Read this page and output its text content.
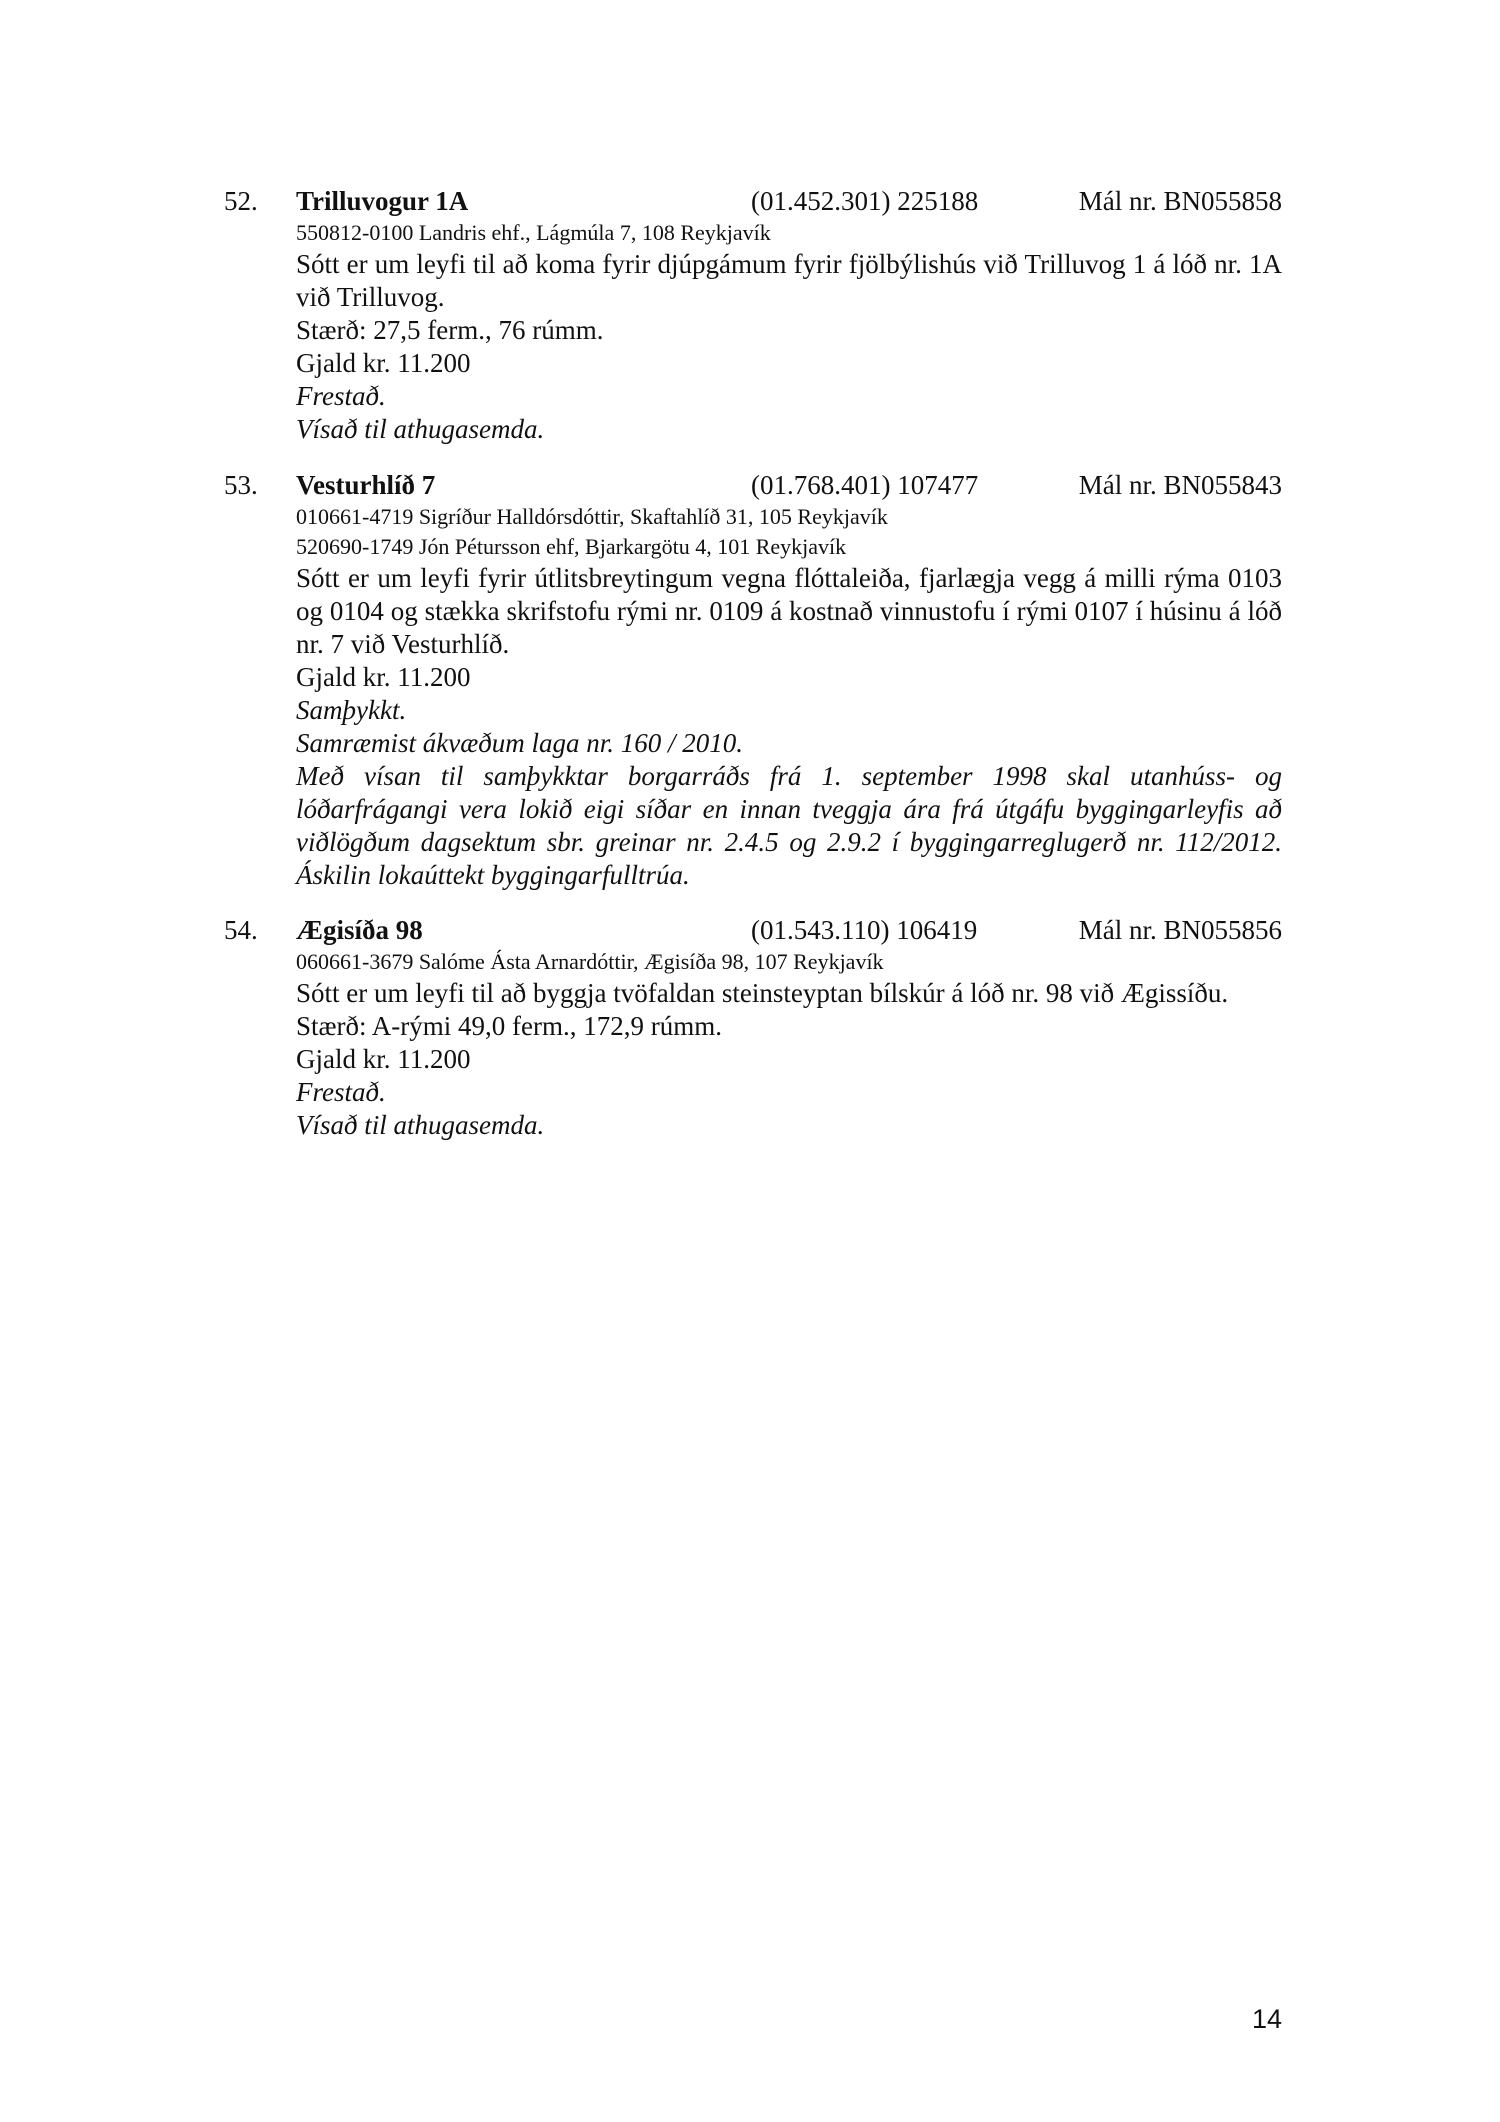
52. Trilluvogur 1A	(01.452.301) 225188	Mál nr. BN055858
550812-0100 Landris ehf., Lágmúla 7, 108 Reykjavík
Sótt er um leyfi til að koma fyrir djúpgámum fyrir fjölbýlishús við Trilluvog 1 á lóð nr. 1A við Trilluvog.
Stærð: 27,5 ferm., 76 rúmm.
Gjald kr. 11.200
Frestað.
Vísað til athugasemda.
53. Vesturhlíð 7	(01.768.401) 107477	Mál nr. BN055843
010661-4719 Sigríður Halldórsdóttir, Skaftahlíð 31, 105 Reykjavík
520690-1749 Jón Pétursson ehf, Bjarkargötu 4, 101 Reykjavík
Sótt er um leyfi fyrir útlitsbreytingum vegna flóttaleiða, fjarlægja vegg á milli rýma 0103 og 0104 og stækka skrifstofu rými nr. 0109 á kostnað vinnustofu í rými 0107 í húsinu á lóð nr. 7 við Vesturhlíð.
Gjald kr. 11.200
Samþykkt.
Samræmist ákvæðum laga nr. 160 / 2010.
Með vísan til samþykktar borgarráðs frá 1. september 1998 skal utanhúss- og lóðarfrágangi vera lokið eigi síðar en innan tveggja ára frá útgáfu byggingarleyfis að viðlögðum dagsektum sbr. greinar nr. 2.4.5 og 2.9.2 í byggingarreglugerð nr. 112/2012. Áskilin lokaúttekt byggingarfulltrúa.
54. Ægisíða 98	(01.543.110) 106419	Mál nr. BN055856
060661-3679 Salóme Ásta Arnardóttir, Ægisíða 98, 107 Reykjavík
Sótt er um leyfi til að byggja tvöfaldan steinsteyptan bílskúr á lóð nr. 98 við Ægissíðu.
Stærð: A-rými 49,0 ferm., 172,9 rúmm.
Gjald kr. 11.200
Frestað.
Vísað til athugasemda.
14
